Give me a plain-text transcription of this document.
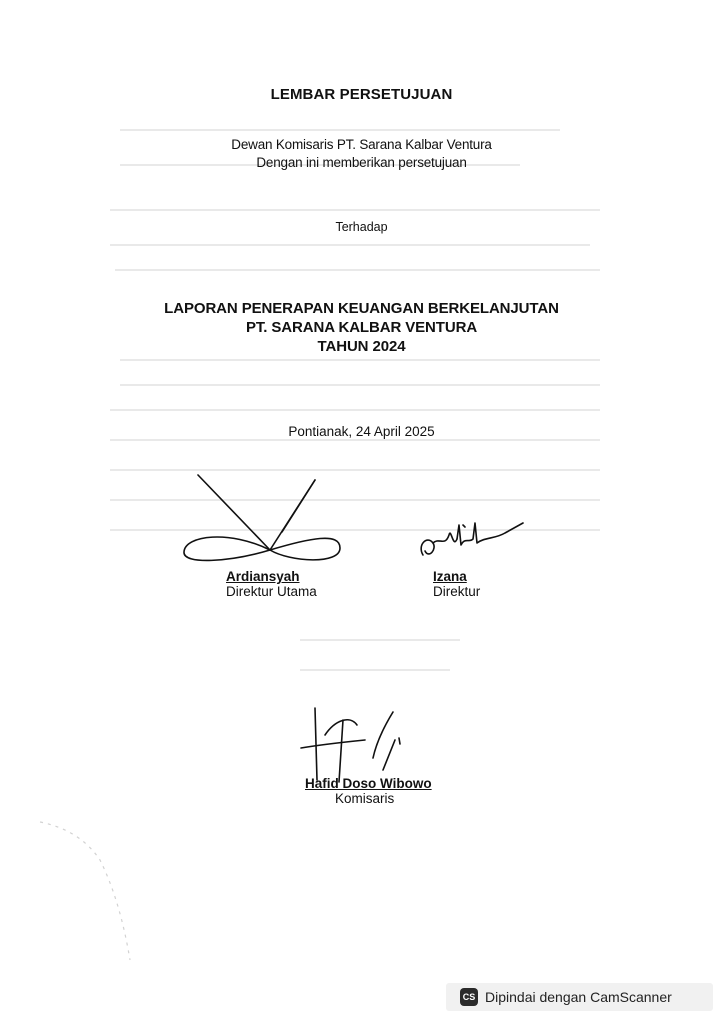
LEMBAR PERSETUJUAN
Dewan Komisaris PT. Sarana Kalbar Ventura
Dengan ini memberikan persetujuan
Terhadap
LAPORAN PENERAPAN KEUANGAN BERKELANJUTAN
PT. SARANA KALBAR VENTURA
TAHUN 2024
Pontianak, 24 April 2025
Ardiansyah
Direktur Utama
Izana
Direktur
Hafid Doso Wibowo
Komisaris
CS Dipindai dengan CamScanner
